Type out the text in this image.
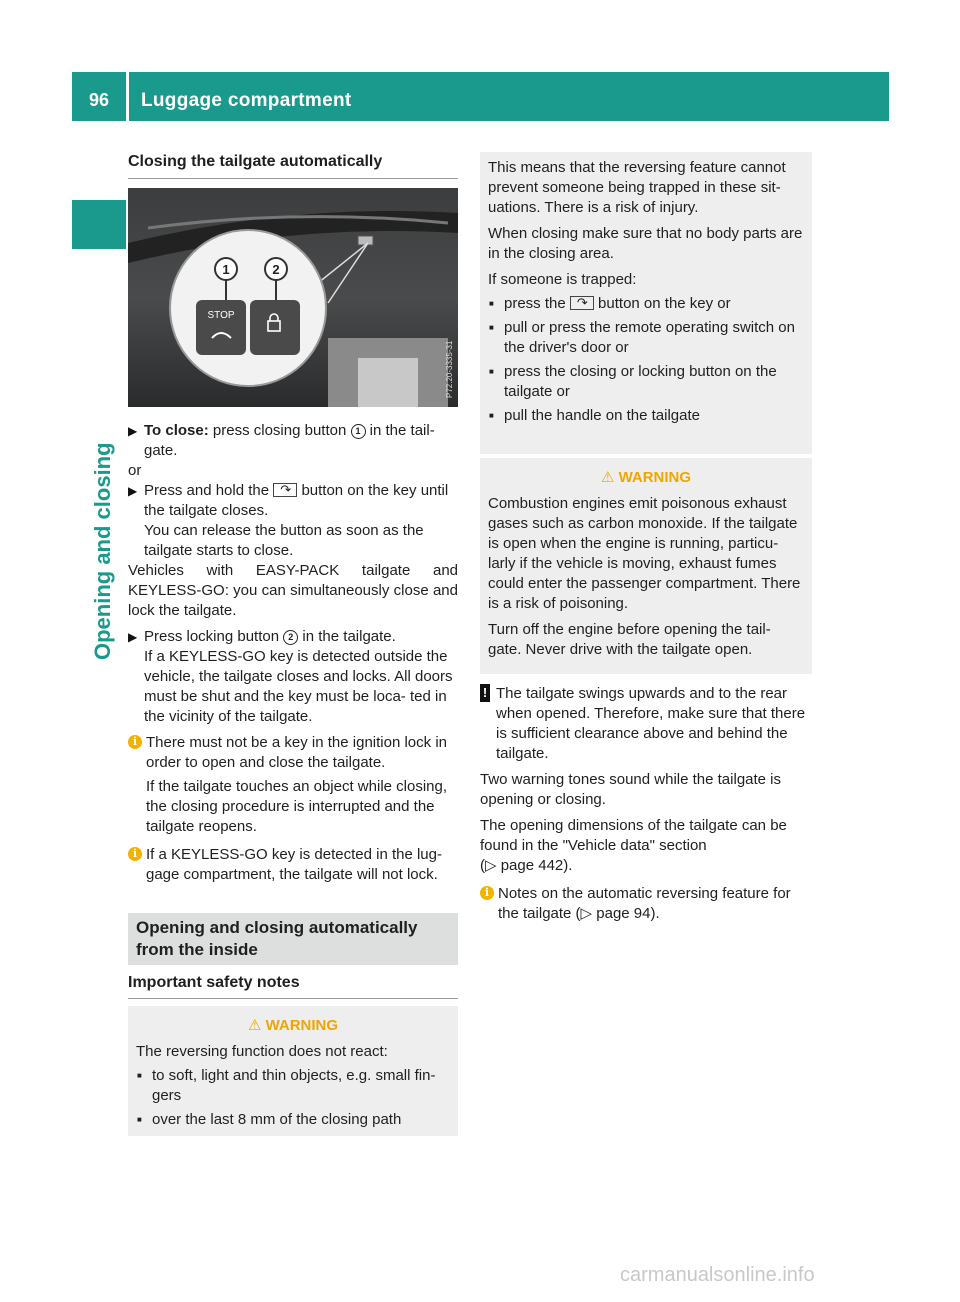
96	Luggage compartment
Opening and closing
Closing the tailgate automatically
1	2
STOP
P72.20-3335-31
▶ To close: press closing button 1 in the tail- gate.

or

▶ Press and hold the ↷ button on the key until the tailgate closes.

You can release the button as soon as the tailgate starts to close.

Vehicles with EASY-PACK tailgate and KEYLESS-GO: you can simultaneously close and lock the tailgate.

▶ Press locking button 2 in the tailgate.

If a KEYLESS-GO key is detected outside the vehicle, the tailgate closes and locks. All doors must be shut and the key must be loca- ted in the vicinity of the tailgate.

i There must not be a key in the ignition lock in order to open and close the tailgate.

If the tailgate touches an object while closing, the closing procedure is interrupted and the tailgate reopens.

i If a KEYLESS-GO key is detected in the lug- gage compartment, the tailgate will not lock.

Opening and closing automatically from the inside
Important safety notes
⚠ WARNING

The reversing function does not react:

■ to soft, light and thin objects, e.g. small fin- gers
■ over the last 8 mm of the closing path

This means that the reversing feature cannot prevent someone being trapped in these sit- uations. There is a risk of injury.

When closing make sure that no body parts are in the closing area.

If someone is trapped:

■ press the ↷ button on the key or
■ pull or press the remote operating switch on the driver's door or
■ press the closing or locking button on the tailgate or
■ pull the handle on the tailgate
⚠ WARNING

Combustion engines emit poisonous exhaust gases such as carbon monoxide. If the tailgate is open when the engine is running, particu- larly if the vehicle is moving, exhaust fumes could enter the passenger compartment. There is a risk of poisoning.

Turn off the engine before opening the tail- gate. Never drive with the tailgate open.

! The tailgate swings upwards and to the rear when opened. Therefore, make sure that there is sufficient clearance above and behind the tailgate.

Two warning tones sound while the tailgate is opening or closing.

The opening dimensions of the tailgate can be found in the "Vehicle data" section

(▷ page 442).

i Notes on the automatic reversing feature for the tailgate (▷ page 94).

carmanualsonline.info
